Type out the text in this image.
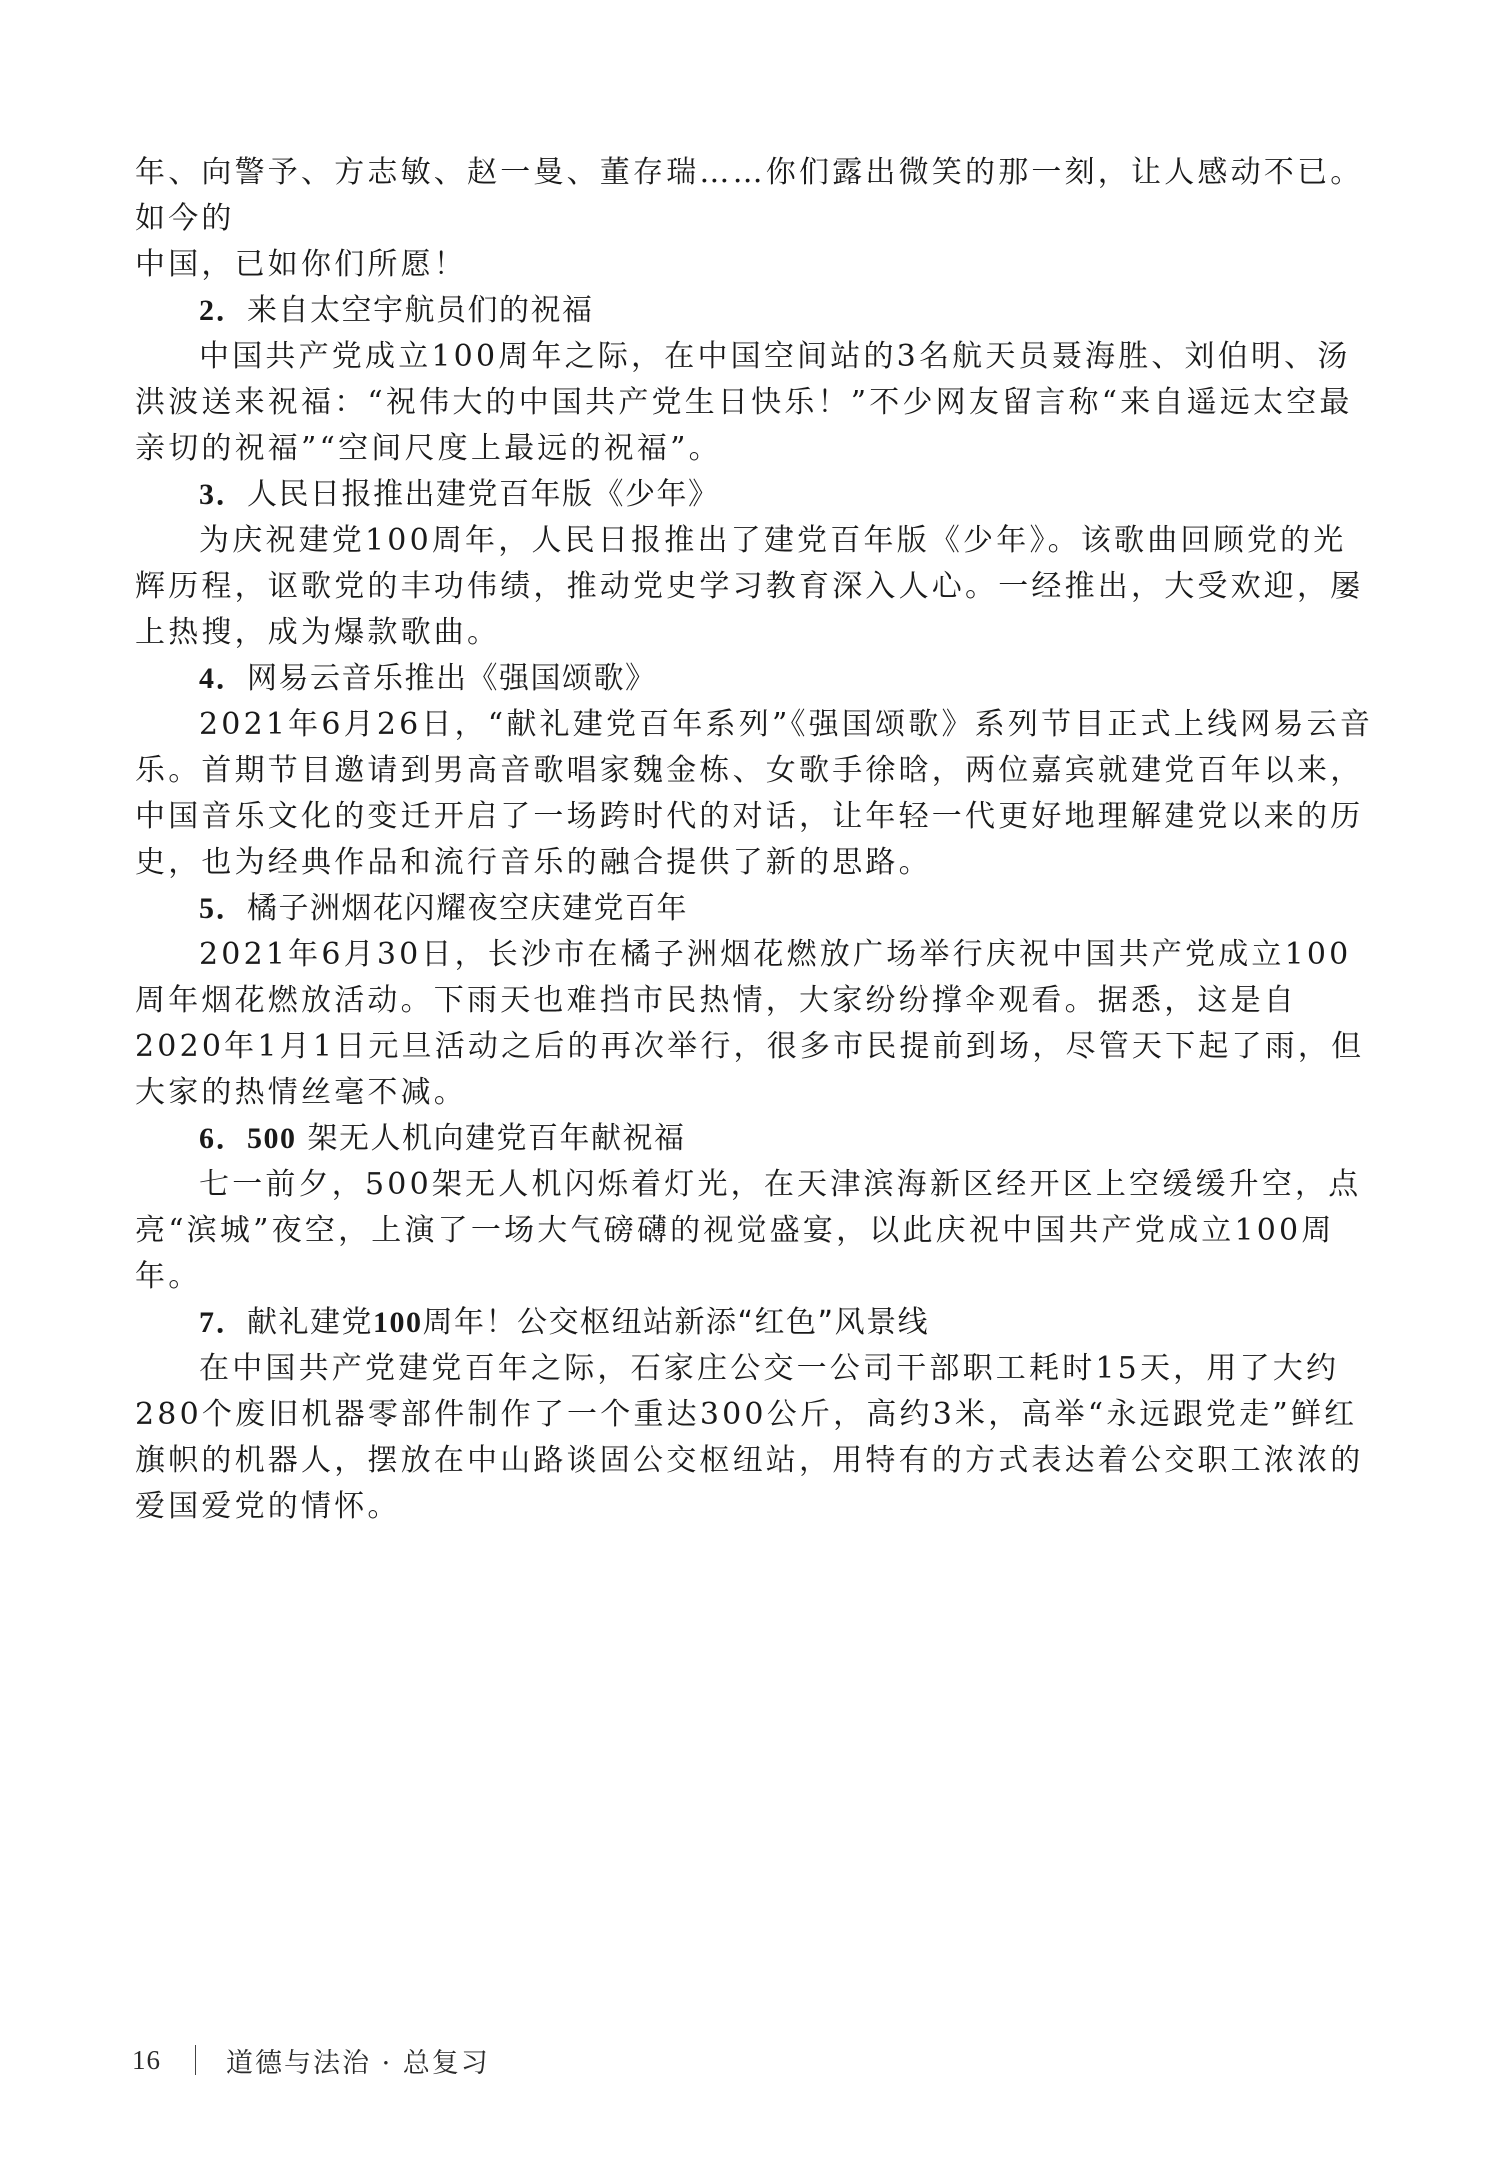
年、向警予、方志敏、赵一曼、董存瑞……你们露出微笑的那一刻，让人感动不已。如今的
中国，已如你们所愿！

2．来自太空宇航员们的祝福

中国共产党成立100周年之际，在中国空间站的3名航天员聂海胜、刘伯明、汤洪波送来祝福：“祝伟大的中国共产党生日快乐！”不少网友留言称“来自遥远太空最亲切的祝福”“空间尺度上最远的祝福”。

3．人民日报推出建党百年版《少年》

为庆祝建党100周年，人民日报推出了建党百年版《少年》。该歌曲回顾党的光辉历程，讴歌党的丰功伟绩，推动党史学习教育深入人心。一经推出，大受欢迎，屡上热搜，成为爆款歌曲。

4．网易云音乐推出《强国颂歌》

2021年6月26日，“献礼建党百年系列”《强国颂歌》系列节目正式上线网易云音乐。首期节目邀请到男高音歌唱家魏金栋、女歌手徐晗，两位嘉宾就建党百年以来，中国音乐文化的变迁开启了一场跨时代的对话，让年轻一代更好地理解建党以来的历史，也为经典作品和流行音乐的融合提供了新的思路。

5．橘子洲烟花闪耀夜空庆建党百年

2021年6月30日，长沙市在橘子洲烟花燃放广场举行庆祝中国共产党成立100周年烟花燃放活动。下雨天也难挡市民热情，大家纷纷撑伞观看。据悉，这是自2020年1月1日元旦活动之后的再次举行，很多市民提前到场，尽管天下起了雨，但大家的热情丝毫不减。

6．500 架无人机向建党百年献祝福

七一前夕，500架无人机闪烁着灯光，在天津滨海新区经开区上空缓缓升空，点亮“滨城”夜空，上演了一场大气磅礴的视觉盛宴，以此庆祝中国共产党成立100周年。

7．献礼建党100周年！公交枢纽站新添“红色”风景线

在中国共产党建党百年之际，石家庄公交一公司干部职工耗时15天，用了大约280个废旧机器零部件制作了一个重达300公斤，高约3米，高举“永远跟党走”鲜红旗帜的机器人，摆放在中山路谈固公交枢纽站，用特有的方式表达着公交职工浓浓的爱国爱党的情怀。

16 道德与法治 · 总复习
